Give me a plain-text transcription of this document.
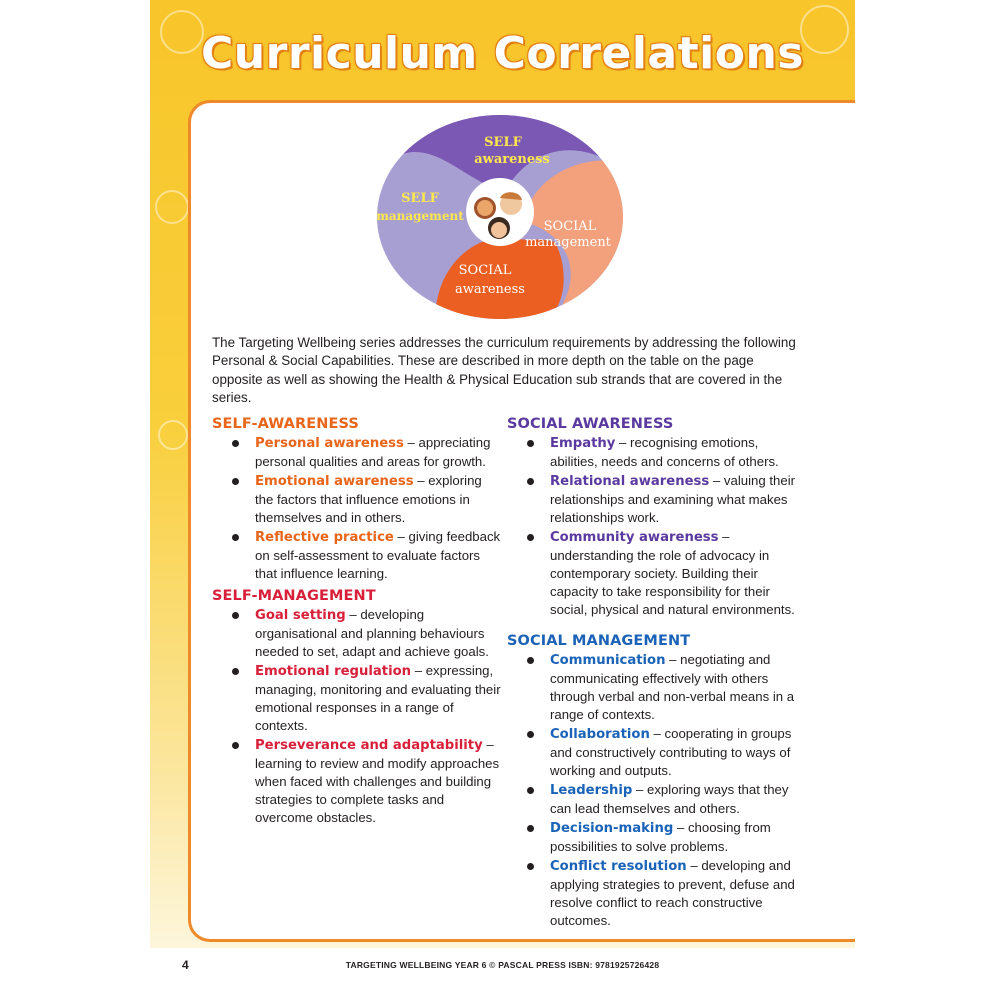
Curriculum Correlations
SELF
awareness
SOCIAL
management
SOCIAL
awareness
SELF
management

The Targeting Wellbeing series addresses the curriculum requirements by addressing the following Personal & Social Capabilities. These are described in more depth on the table on the page opposite as well as showing the Health & Physical Education sub strands that are covered in the series.

SELF-AWARENESS
Personal awareness – appreciating personal qualities and areas for growth.
Emotional awareness – exploring the factors that influence emotions in themselves and in others.
Reflective practice – giving feedback on self-assessment to evaluate factors that influence learning.
SELF-MANAGEMENT
Goal setting – developing organisational and planning behaviours needed to set, adapt and achieve goals.
Emotional regulation – expressing, managing, monitoring and evaluating their emotional responses in a range of contexts.
Perseverance and adaptability – learning to review and modify approaches when faced with challenges and building strategies to complete tasks and overcome obstacles.
SOCIAL AWARENESS
Empathy – recognising emotions, abilities, needs and concerns of others.
Relational awareness – valuing their relationships and examining what makes relationships work.
Community awareness – understanding the role of advocacy in contemporary society. Building their capacity to take responsibility for their social, physical and natural environments.
SOCIAL MANAGEMENT
Communication – negotiating and communicating effectively with others through verbal and non-verbal means in a range of contexts.
Collaboration – cooperating in groups and constructively contributing to ways of working and outputs.
Leadership – exploring ways that they can lead themselves and others.
Decision-making – choosing from possibilities to solve problems.
Conflict resolution – developing and applying strategies to prevent, defuse and resolve conflict to reach constructive outcomes.
4	TARGETING WELLBEING YEAR 6 © PASCAL PRESS ISBN: 9781925726428
